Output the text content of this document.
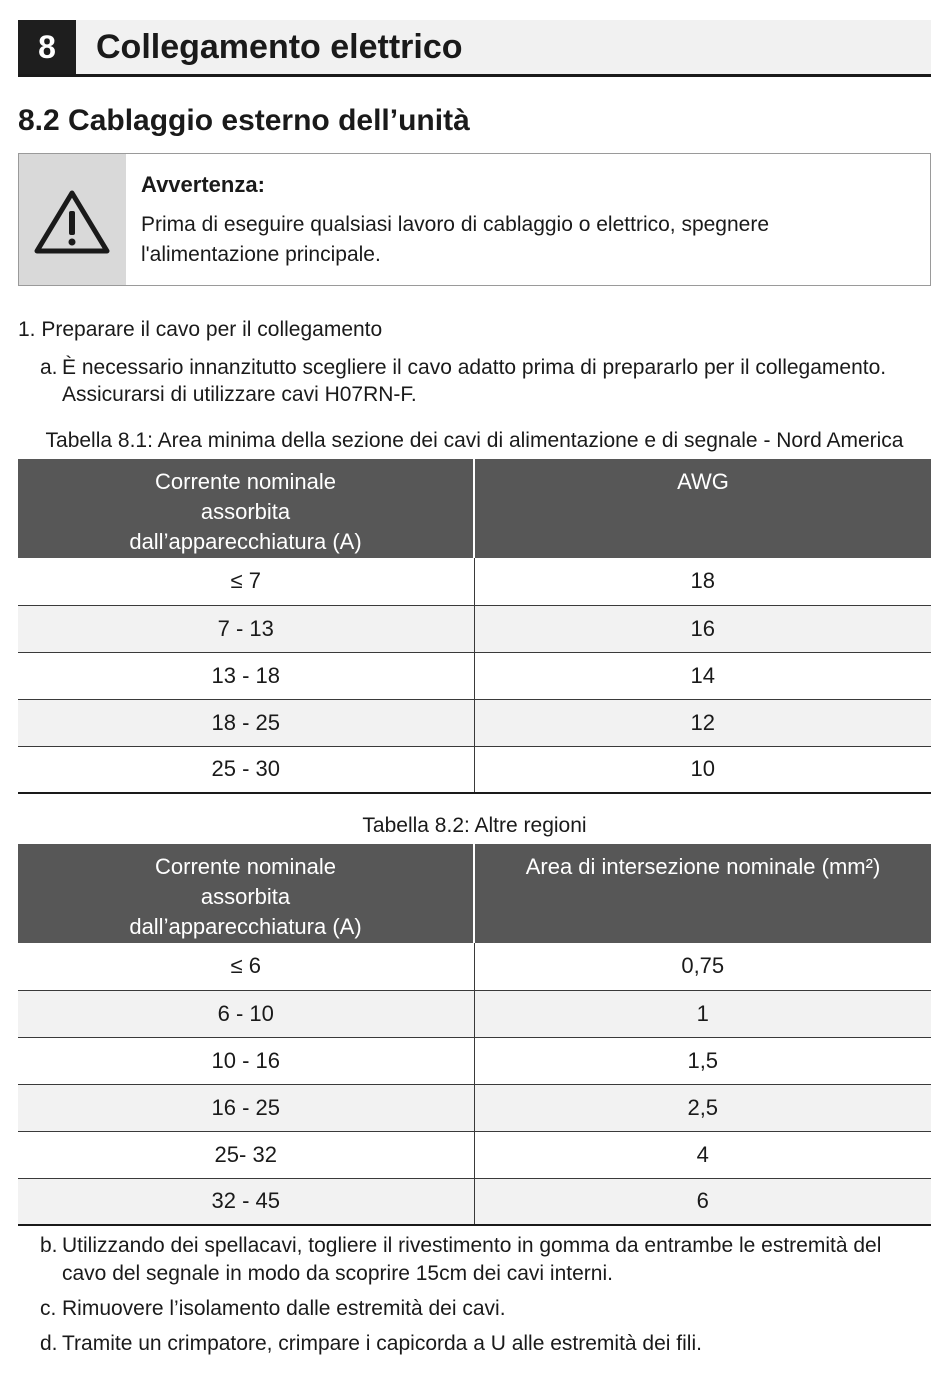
8	Collegamento elettrico
8.2 Cablaggio esterno dell’unità
Avvertenza:
Prima di eseguire qualsiasi lavoro di cablaggio o elettrico, spegnere l'alimentazione principale.
1. Preparare il cavo per il collegamento
a. È necessario innanzitutto scegliere il cavo adatto prima di prepararlo per il collegamento. Assicurarsi di utilizzare cavi H07RN-F.
Tabella 8.1: Area minima della sezione dei cavi di alimentazione e di segnale - Nord America
Corrente nominale assorbita dall’apparecchiatura (A)	AWG
≤ 7	18
7 - 13	16
13 - 18	14
18 - 25	12
25 - 30	10
Tabella 8.2: Altre regioni
Corrente nominale assorbita dall’apparecchiatura (A)	Area di intersezione nominale (mm²)
≤ 6	0,75
6 - 10	1
10 - 16	1,5
16 - 25	2,5
25- 32	4
32 - 45	6
b. Utilizzando dei spellacavi, togliere il rivestimento in gomma da entrambe le estremità del cavo del segnale in modo da scoprire 15cm dei cavi interni.
c. Rimuovere l’isolamento dalle estremità dei cavi.
d. Tramite un crimpatore, crimpare i capicorda a U alle estremità dei fili.
